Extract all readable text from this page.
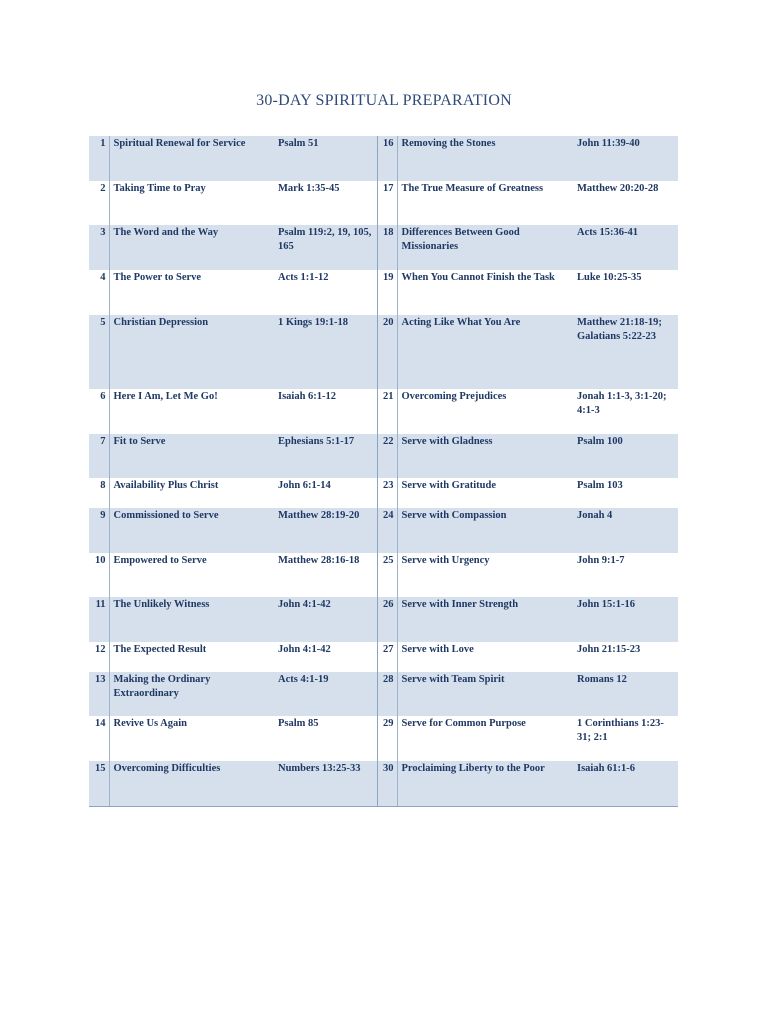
30-DAY SPIRITUAL PREPARATION
1	Spiritual Renewal for Service	Psalm 51	16	Removing the Stones	John 11:39-40
2	Taking Time to Pray	Mark 1:35-45	17	The True Measure of Greatness	Matthew 20:20-28
3	The Word and the Way	Psalm 119:2, 19, 105, 165	18	Differences Between Good Missionaries	Acts 15:36-41
4	The Power to Serve	Acts 1:1-12	19	When You Cannot Finish the Task	Luke 10:25-35
5	Christian Depression	1 Kings 19:1-18	20	Acting Like What You Are	Matthew 21:18-19; Galatians 5:22-23
6	Here I Am, Let Me Go!	Isaiah 6:1-12	21	Overcoming Prejudices	Jonah 1:1-3, 3:1-20; 4:1-3
7	Fit to Serve	Ephesians 5:1-17	22	Serve with Gladness	Psalm 100
8	Availability Plus Christ	John 6:1-14	23	Serve with Gratitude	Psalm 103
9	Commissioned to Serve	Matthew 28:19-20	24	Serve with Compassion	Jonah 4
10	Empowered to Serve	Matthew 28:16-18	25	Serve with Urgency	John 9:1-7
11	The Unlikely Witness	John 4:1-42	26	Serve with Inner Strength	John 15:1-16
12	The Expected Result	John 4:1-42	27	Serve with Love	John 21:15-23
13	Making the Ordinary Extraordinary	Acts 4:1-19	28	Serve with Team Spirit	Romans 12
14	Revive Us Again	Psalm 85	29	Serve for Common Purpose	1 Corinthians 1:23-31; 2:1
15	Overcoming Difficulties	Numbers 13:25-33	30	Proclaiming Liberty to the Poor	Isaiah 61:1-6
